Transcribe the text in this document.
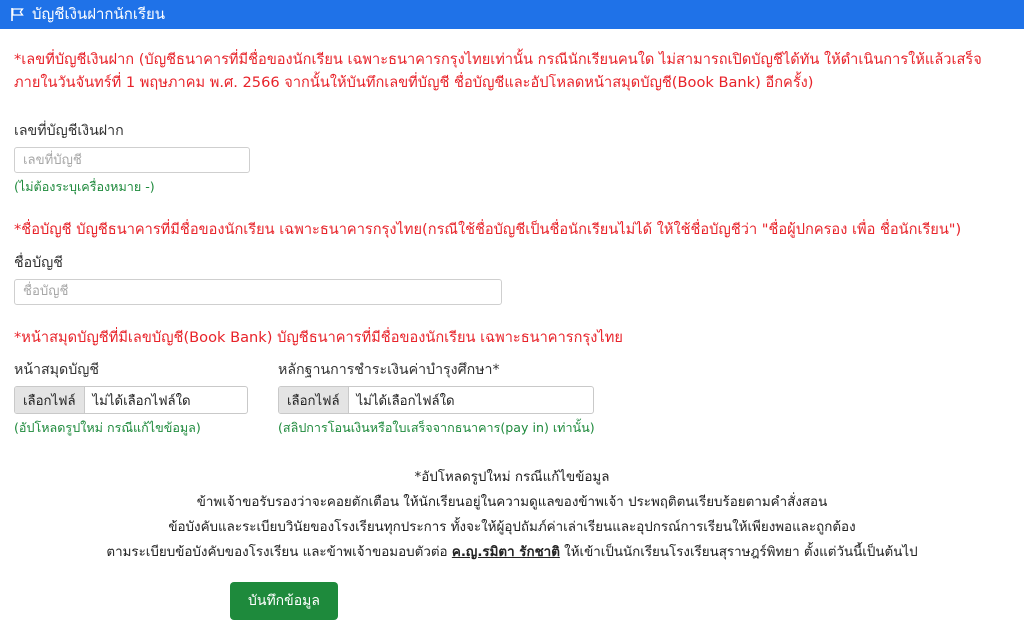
บัญชีเงินฝากนักเรียน

*เลขที่บัญชีเงินฝาก (บัญชีธนาคารที่มีชื่อของนักเรียน เฉพาะธนาคารกรุงไทยเท่านั้น กรณีนักเรียนคนใด ไม่สามารถเปิดบัญชีได้ทัน ให้ดำเนินการให้แล้วเสร็จภายในวันจันทร์ที่ 1 พฤษภาคม พ.ศ. 2566 จากนั้นให้บันทึกเลขที่บัญชี ชื่อบัญชีและอัปโหลดหน้าสมุดบัญชี(Book Bank) อีกครั้ง)

เลขที่บัญชีเงินฝาก
เลขที่บัญชี
(ไม่ต้องระบุเครื่องหมาย -)

*ชื่อบัญชี บัญชีธนาคารที่มีชื่อของนักเรียน เฉพาะธนาคารกรุงไทย(กรณีใช้ชื่อบัญชีเป็นชื่อนักเรียนไม่ได้ ให้ใช้ชื่อบัญชีว่า "ชื่อผู้ปกครอง เพื่อ ชื่อนักเรียน")

ชื่อบัญชี
ชื่อบัญชี

*หน้าสมุดบัญชีที่มีเลขบัญชี(Book Bank) บัญชีธนาคารที่มีชื่อของนักเรียน เฉพาะธนาคารกรุงไทย

หน้าสมุดบัญชี
เลือกไฟล์	ไม่ได้เลือกไฟล์ใด
(อัปโหลดรูปใหม่ กรณีแก้ไขข้อมูล)
หลักฐานการชำระเงินค่าบำรุงศึกษา*
เลือกไฟล์	ไม่ได้เลือกไฟล์ใด
(สลิปการโอนเงินหรือใบเสร็จจากธนาคาร(pay in) เท่านั้น)
*อัปโหลดรูปใหม่ กรณีแก้ไขข้อมูล
ข้าพเจ้าขอรับรองว่าจะคอยตักเตือน ให้นักเรียนอยู่ในความดูแลของข้าพเจ้า ประพฤติตนเรียบร้อยตามคำสั่งสอน
ข้อบังคับและระเบียบวินัยของโรงเรียนทุกประการ ทั้งจะให้ผู้อุปถัมภ์ค่าเล่าเรียนและอุปกรณ์การเรียนให้เพียงพอและถูกต้อง
ตามระเบียบข้อบังคับของโรงเรียน และข้าพเจ้าขอมอบตัวต่อ ค.ญ.รมิตา รักชาติ ให้เข้าเป็นนักเรียนโรงเรียนสุราษฎร์พิทยา ตั้งแต่วันนี้เป็นต้นไป
บันทึกข้อมูล
